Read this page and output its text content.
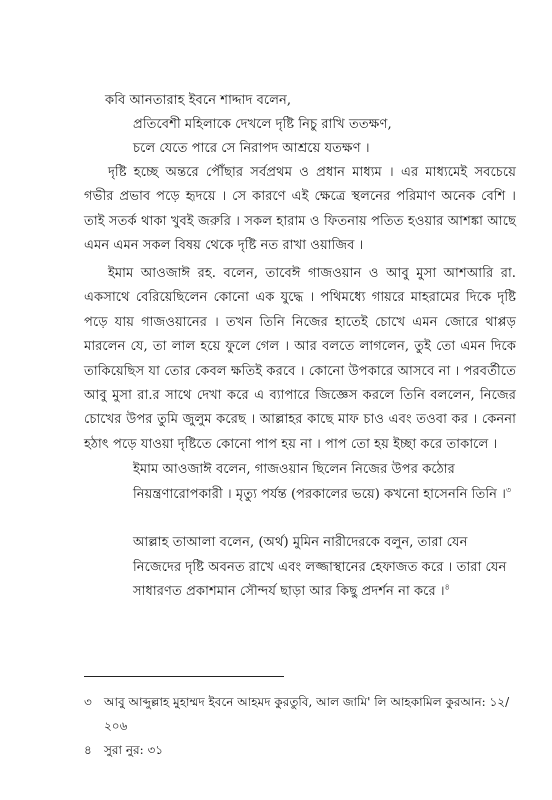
কবি আনতারাহ ইবনে শাদ্দাদ বলেন,
প্রতিবেশী মহিলাকে দেখলে দৃষ্টি নিচু রাখি ততক্ষণ,
চলে যেতে পারে সে নিরাপদ আশ্রয়ে যতক্ষণ ।
দৃষ্টি হচ্ছে অন্তরে পৌঁছার সর্বপ্রথম ও প্রধান মাধ্যম । এর মাধ্যমেই সবচেয়ে গভীর প্রভাব পড়ে হৃদয়ে । সে কারণে এই ক্ষেত্রে স্থলনের পরিমাণ অনেক বেশি । তাই সতর্ক থাকা খুবই জরুরি । সকল হারাম ও ফিতনায় পতিত হওয়ার আশঙ্কা আছে এমন এমন সকল বিষয় থেকে দৃষ্টি নত রাখা ওয়াজিব ।
ইমাম আওজাঈ রহ. বলেন, তাবেঈ গাজওয়ান ও আবু মুসা আশআরি রা. একসাথে বেরিয়েছিলেন কোনো এক যুদ্ধে । পথিমধ্যে গায়রে মাহরামের দিকে দৃষ্টি পড়ে যায় গাজওয়ানের । তখন তিনি নিজের হাতেই চোখে এমন জোরে থাপ্পড় মারলেন যে, তা লাল হয়ে ফুলে গেল । আর বলতে লাগলেন, তুই তো এমন দিকে তাকিয়েছিস যা তোর কেবল ক্ষতিই করবে । কোনো উপকারে আসবে না । পরবর্তীতে আবু মুসা রা.র সাথে দেখা করে এ ব্যাপারে জিজ্ঞেস করলে তিনি বললেন, নিজের চোখের উপর তুমি জুলুম করেছ । আল্লাহর কাছে মাফ চাও এবং তওবা কর । কেননা হঠাৎ পড়ে যাওয়া দৃষ্টিতে কোনো পাপ হয় না । পাপ তো হয় ইচ্ছা করে তাকালে ।
ইমাম আওজাঈ বলেন, গাজওয়ান ছিলেন নিজের উপর কঠোর নিয়ন্ত্রণারোপকারী । মৃত্যু পর্যন্ত (পরকালের ভয়ে) কখনো হাসেননি তিনি ।$^৩$
আল্লাহ তাআলা বলেন, (অর্থ) মুমিন নারীদেরকে বলুন, তারা যেন নিজেদের দৃষ্টি অবনত রাখে এবং লজ্জাস্থানের হেফাজত করে । তারা যেন সাধারণত প্রকাশমান সৌন্দর্য ছাড়া আর কিছু প্রদর্শন না করে ।$^৪$
৩ আবু আব্দুল্লাহ মুহাম্মদ ইবনে আহমদ কুরতুবি, আল জামি' লি আহকামিল কুরআন: ১২/ ২০৬
৪ সুরা নুর: ৩১
